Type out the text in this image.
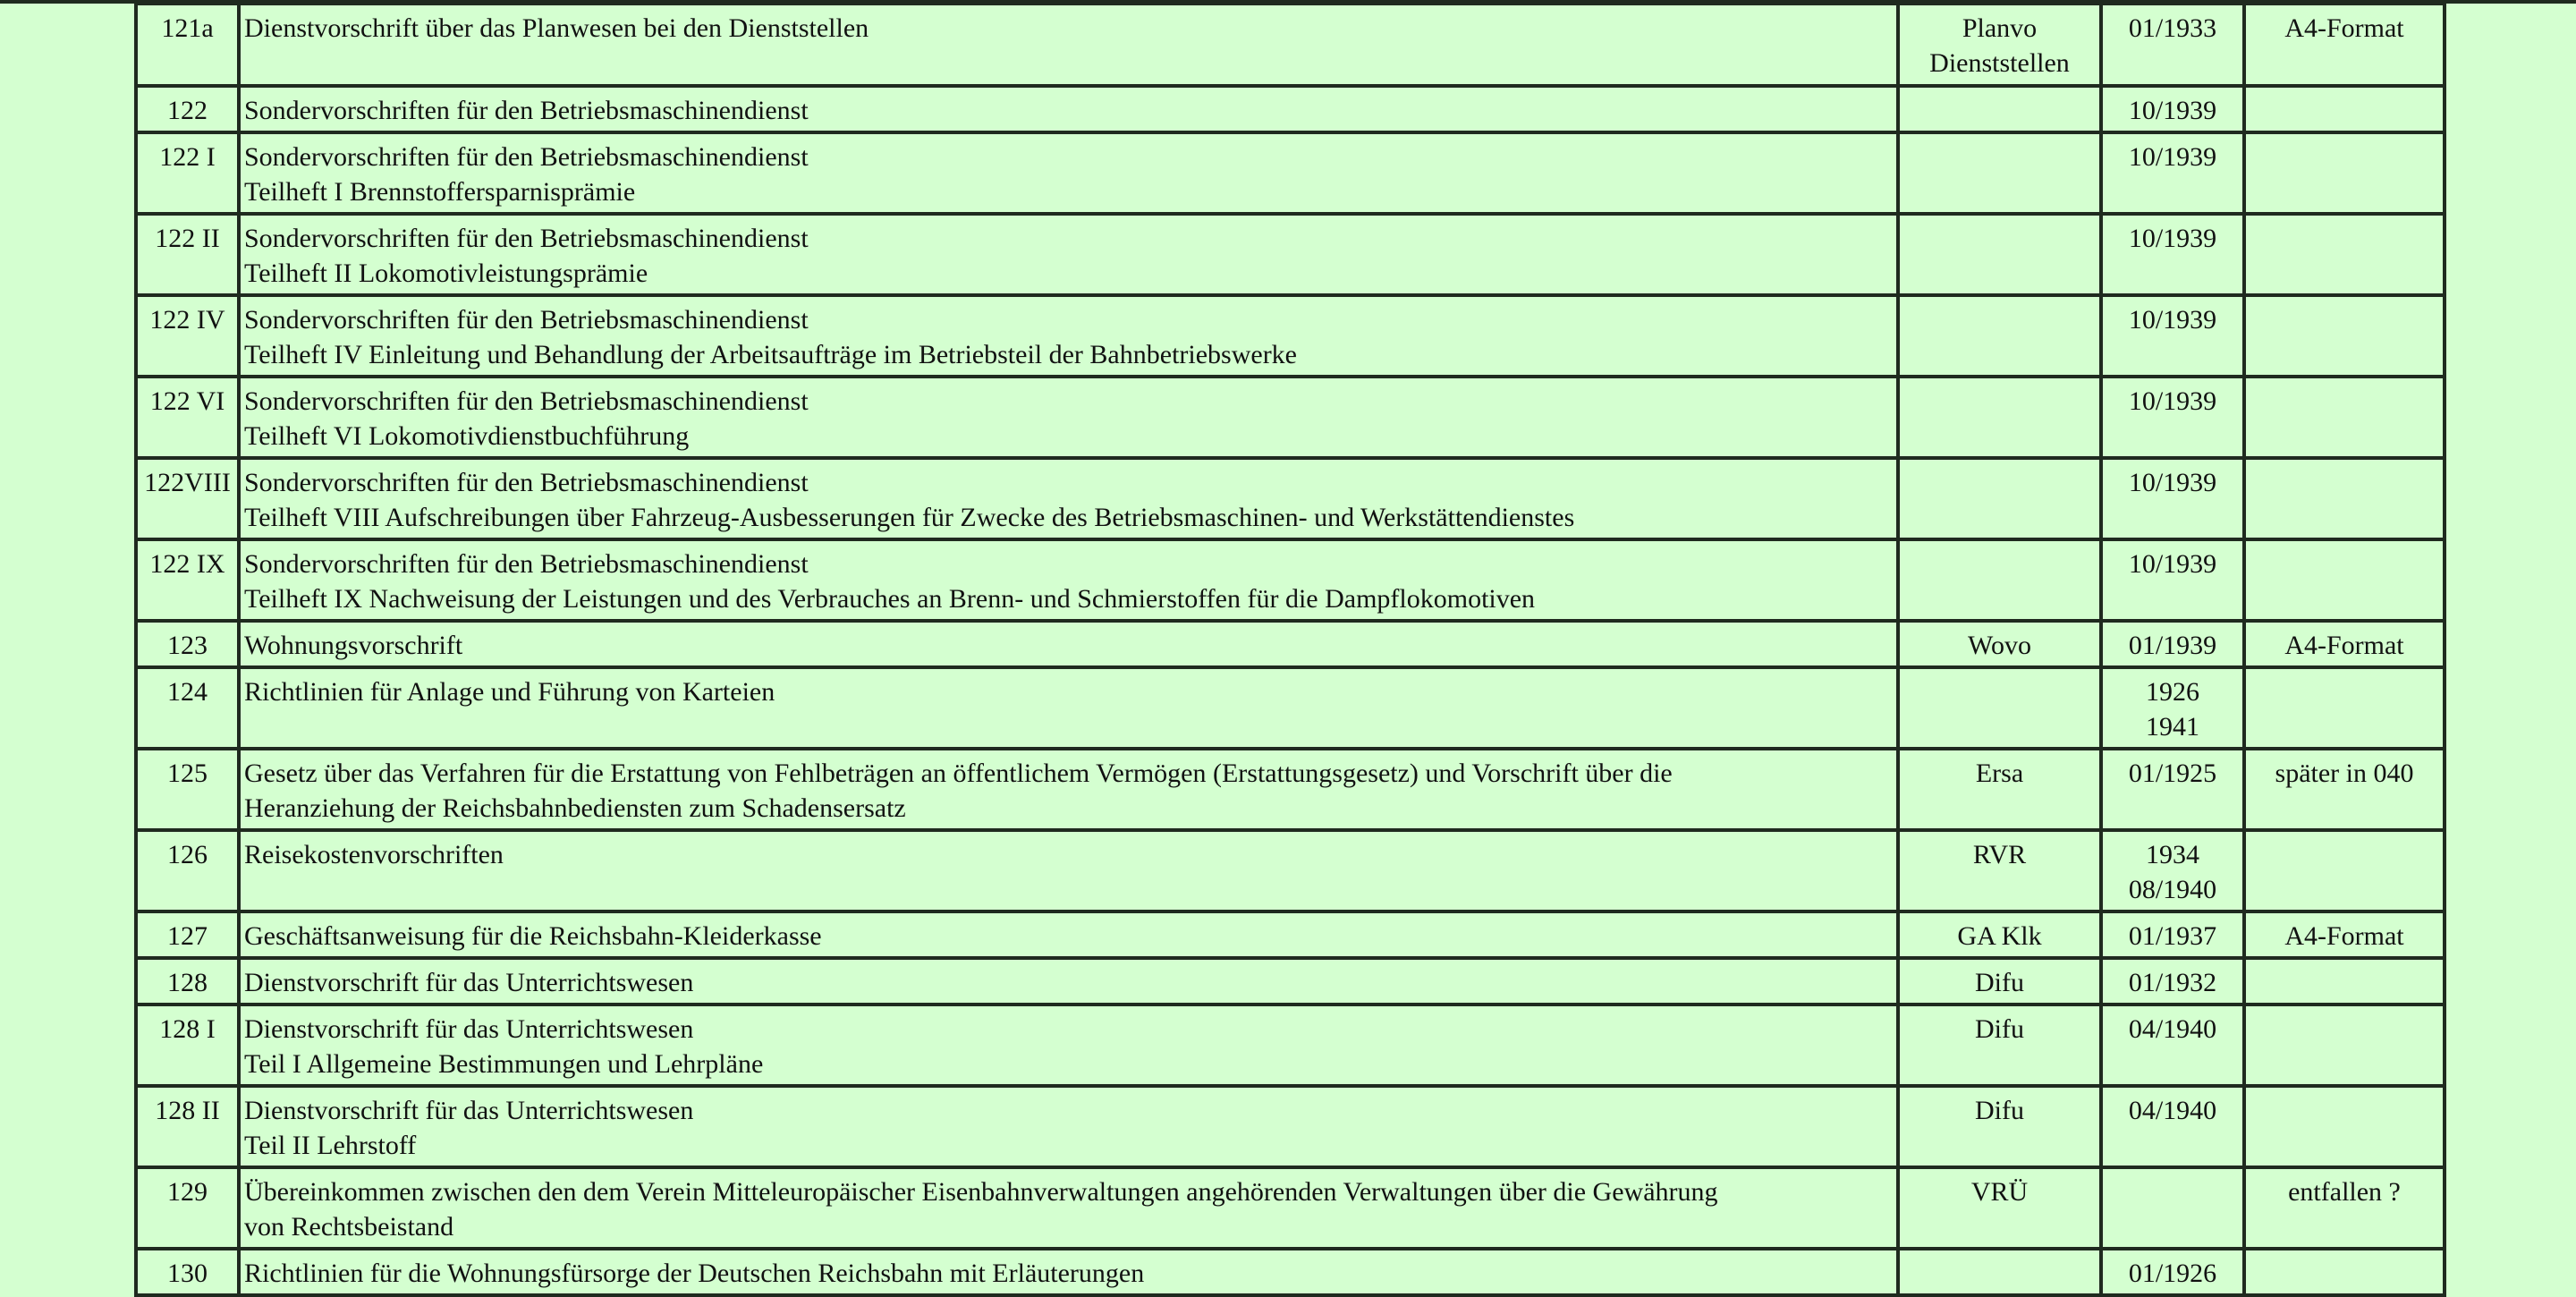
121a	Dienstvorschrift über das Planwesen bei den Dienststellen	Planvo
Dienststellen	01/1933	A4-Format
122	Sondervorschriften für den Betriebsmaschinendienst		10/1939	

122 I	Sondervorschriften für den Betriebsmaschinendienst
Teilheft I Brennstoffersparnisprämie		10/1939	

122 II	Sondervorschriften für den Betriebsmaschinendienst
Teilheft II Lokomotivleistungsprämie		10/1939	

122 IV	Sondervorschriften für den Betriebsmaschinendienst
Teilheft IV Einleitung und Behandlung der Arbeitsaufträge im Betriebsteil der Bahnbetriebswerke		10/1939	

122 VI	Sondervorschriften für den Betriebsmaschinendienst
Teilheft VI Lokomotivdienstbuchführung		10/1939	

122VIII	Sondervorschriften für den Betriebsmaschinendienst
Teilheft VIII Aufschreibungen über Fahrzeug-Ausbesserungen für Zwecke des Betriebsmaschinen- und Werkstättendienstes		10/1939	

122 IX	Sondervorschriften für den Betriebsmaschinendienst
Teilheft IX Nachweisung der Leistungen und des Verbrauches an Brenn- und Schmierstoffen für die Dampflokomotiven		10/1939	

123	Wohnungsvorschrift	Wovo	01/1939	A4-Format
124	Richtlinien für Anlage und Führung von Karteien		1926
1941	

125	Gesetz über das Verfahren für die Erstattung von Fehlbeträgen an öffentlichem Vermögen (Erstattungsgesetz) und Vorschrift über die
Heranziehung der Reichsbahnbediensten zum Schadensersatz	Ersa	01/1925	später in 040
126	Reisekostenvorschriften	RVR	1934
08/1940	

127	Geschäftsanweisung für die Reichsbahn-Kleiderkasse	GA Klk	01/1937	A4-Format
128	Dienstvorschrift für das Unterrichtswesen	Difu	01/1932	

128 I	Dienstvorschrift für das Unterrichtswesen
Teil I Allgemeine Bestimmungen und Lehrpläne	Difu	04/1940	

128 II	Dienstvorschrift für das Unterrichtswesen
Teil II Lehrstoff	Difu	04/1940	

129	Übereinkommen zwischen den dem Verein Mitteleuropäischer Eisenbahnverwaltungen angehörenden Verwaltungen über die Gewährung
von Rechtsbeistand	VRÜ		entfallen ?
130	Richtlinien für die Wohnungsfürsorge der Deutschen Reichsbahn mit Erläuterungen		01/1926	
